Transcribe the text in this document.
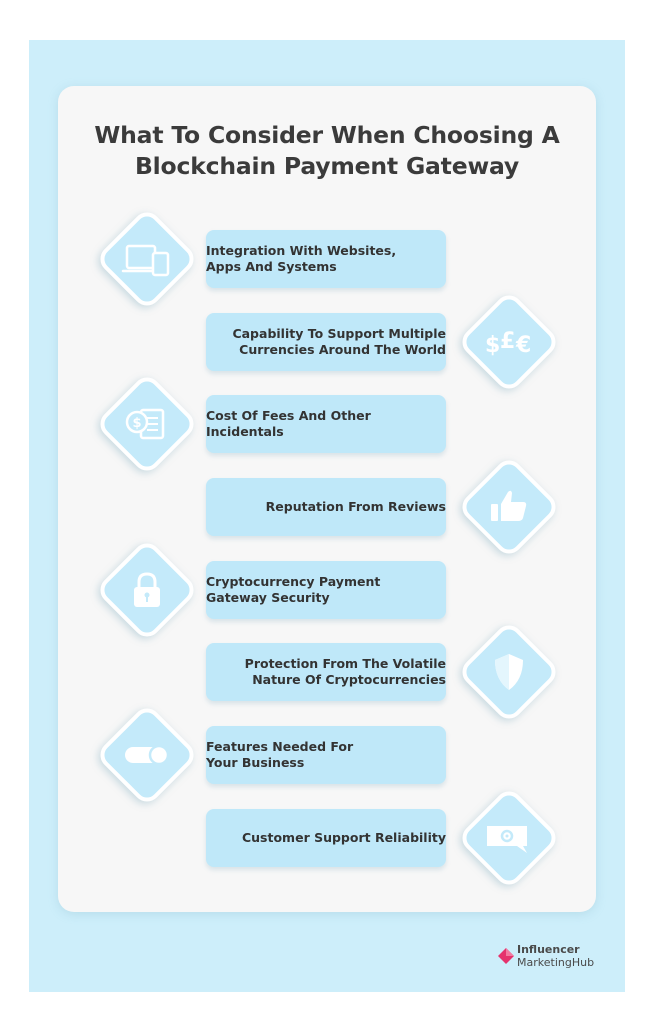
What To Consider When Choosing A
Blockchain Payment Gateway
Integration With Websites,
Apps And Systems
Capability To Support Multiple
Currencies Around The World
Cost Of Fees And Other
Incidentals
Reputation From Reviews
Cryptocurrency Payment
Gateway Security
Protection From The Volatile
Nature Of Cryptocurrencies
Features Needed For
Your Business
Customer Support Reliability
$ £ €
$
Influencer
MarketingHub
